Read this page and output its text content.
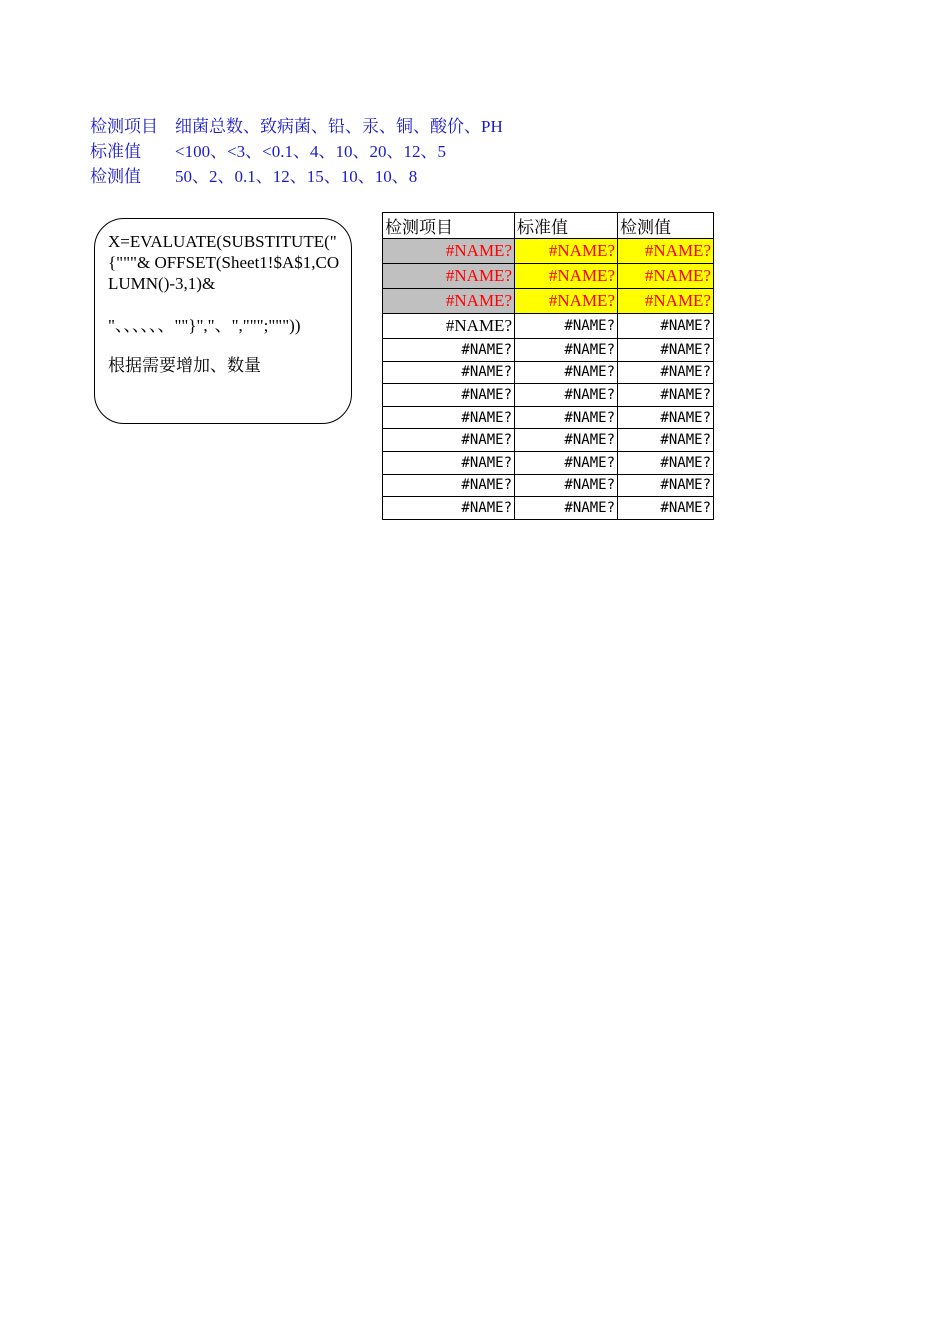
检测项目	细菌总数、致病菌、铅、汞、铜、酸价、PH
标准值	<100、<3、<0.1、4、10、20、12、5
检测值	50、2、0.1、12、15、10、10、8
X=EVALUATE(SUBSTITUTE("{"""& OFFSET(Sheet1!$A$1,COLUMN()-3,1)&

"、、、、、、""}","、",""";"""))
根据需要增加、数量
检测项目	标准值	检测值
#NAME?	#NAME?	#NAME?
#NAME?	#NAME?	#NAME?
#NAME?	#NAME?	#NAME?
#NAME?	#NAME?	#NAME?
#NAME?	#NAME?	#NAME?
#NAME?	#NAME?	#NAME?
#NAME?	#NAME?	#NAME?
#NAME?	#NAME?	#NAME?
#NAME?	#NAME?	#NAME?
#NAME?	#NAME?	#NAME?
#NAME?	#NAME?	#NAME?
#NAME?	#NAME?	#NAME?
